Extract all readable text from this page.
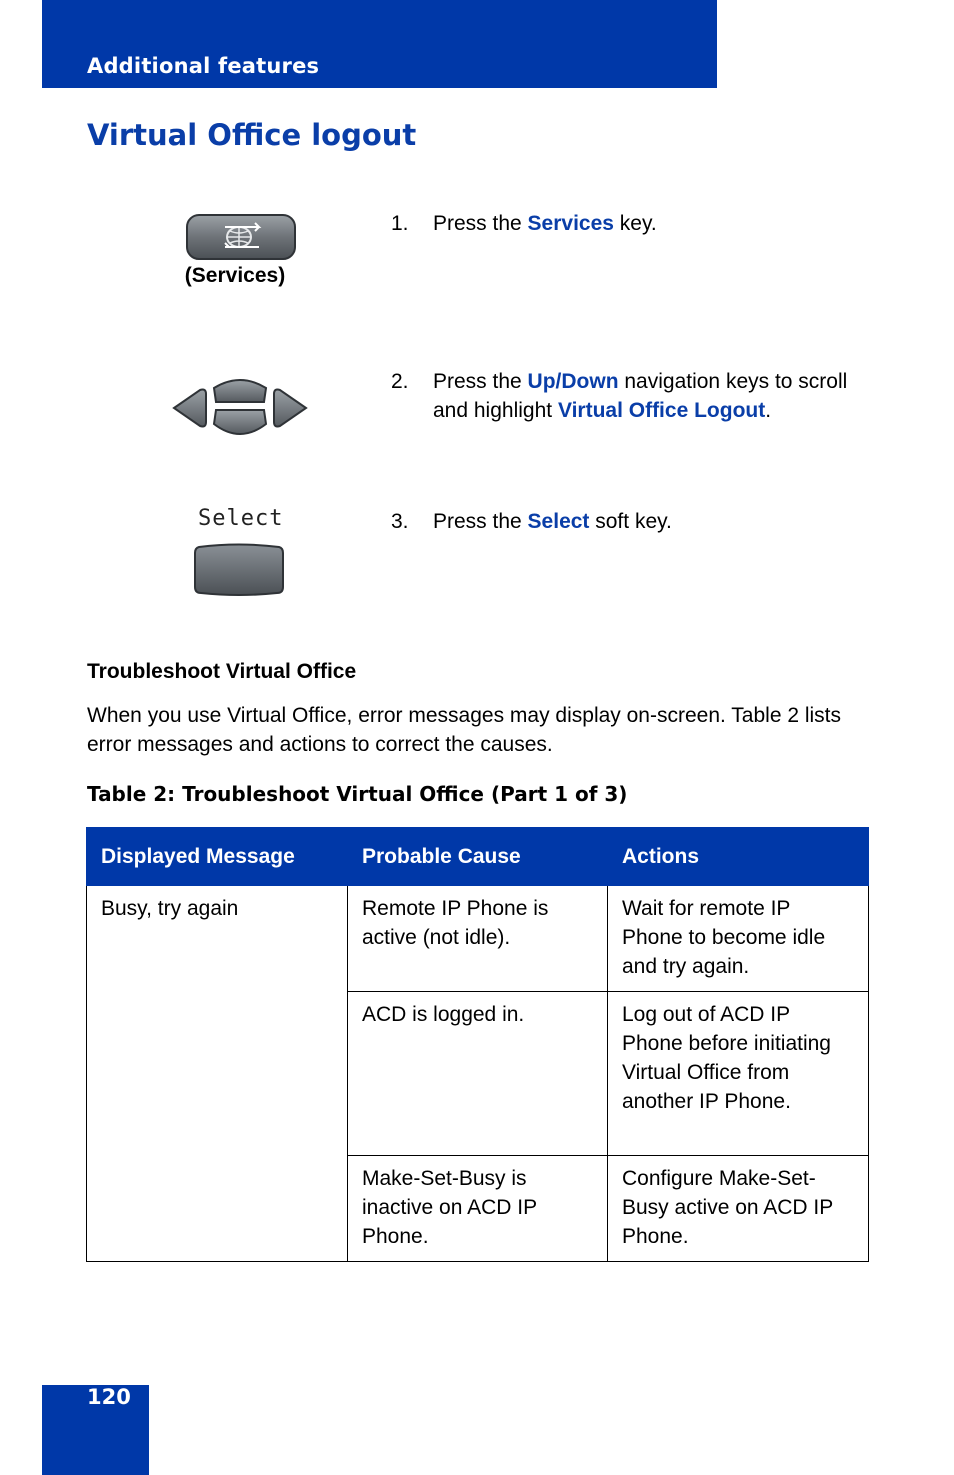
Additional features
Virtual Office logout
(Services)
1. Press the Services key.
2. Press the Up/Down navigation keys to scroll and highlight Virtual Office Logout.
Select	3. Press the Select soft key.
Troubleshoot Virtual Office

When you use Virtual Office, error messages may display on-screen. Table 2 lists error messages and actions to correct the causes.

Table 2: Troubleshoot Virtual Office (Part 1 of 3)

Displayed Message	Probable Cause	Actions
Busy, try again	Remote IP Phone is active (not idle).	Wait for remote IP Phone to become idle and try again.
	ACD is logged in.	Log out of ACD IP Phone before initiating Virtual Office from another IP Phone.
	Make-Set-Busy is inactive on ACD IP Phone.	Configure Make-Set-Busy active on ACD IP Phone.
120
